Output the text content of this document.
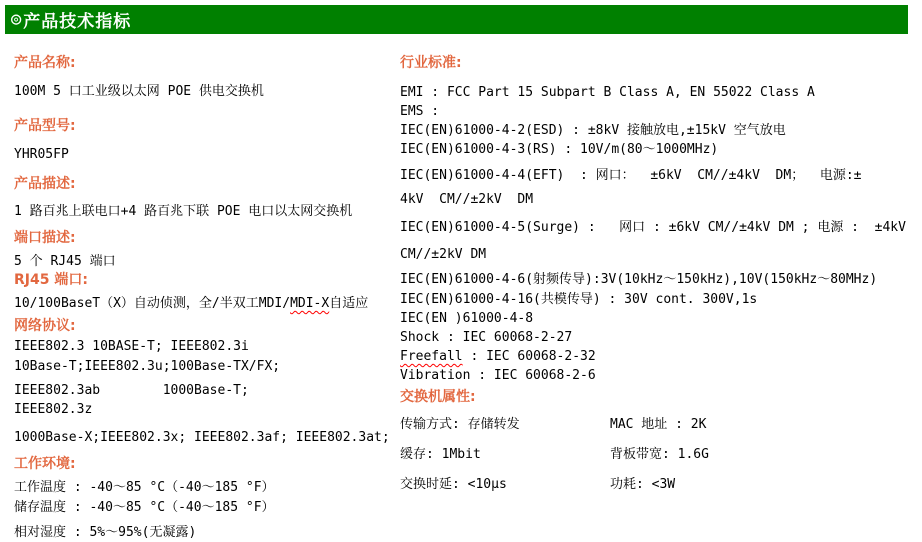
◎ 产品技术指标
产品名称:
100M 5 口工业级以太网 POE 供电交换机
产品型号:
YHR05FP
产品描述:
1 路百兆上联电口+4 路百兆下联 POE 电口以太网交换机
端口描述:
5 个 RJ45 端口
RJ45 端口:
10/100BaseT（X）自动侦测，全/半双工MDI/MDI-X自适应
网络协议:
IEEE802.3 10BASE-T; IEEE802.3i
10Base-T;IEEE802.3u;100Base-TX/FX;
IEEE802.3ab        1000Base-T;         IEEE802.3z
1000Base-X;IEEE802.3x; IEEE802.3af; IEEE802.3at;
工作环境:
工作温度 : -40～85 °C（-40～185 °F）
储存温度 : -40～85 °C（-40～185 °F）
相对湿度 : 5%～95%(无凝露)
行业标准:
EMI : FCC Part 15 Subpart B Class A, EN 55022 Class A
EMS :
IEC(EN)61000-4-2(ESD) : ±8kV 接触放电,±15kV 空气放电
IEC(EN)61000-4-3(RS) : 10V/m(80～1000MHz)
IEC(EN)61000-4-4(EFT)  : 网口：  ±6kV  CM//±4kV  DM；  电源:±
4kV  CM//±2kV  DM
IEC(EN)61000-4-5(Surge) :   网口 : ±6kV CM//±4kV DM ; 电源 :  ±4kV
CM//±2kV DM
IEC(EN)61000-4-6(射频传导):3V(10kHz～150kHz),10V(150kHz～80MHz)
IEC(EN)61000-4-16(共模传导) : 30V cont. 300V,1s
IEC(EN )61000-4-8
Shock : IEC 60068-2-27
Freefall : IEC 60068-2-32
Vibration : IEC 60068-2-6
交换机属性:
传输方式: 存储转发	MAC 地址 : 2K
缓存: 1Mbit	背板带宽: 1.6G
交换时延: <10μs	功耗: <3W
